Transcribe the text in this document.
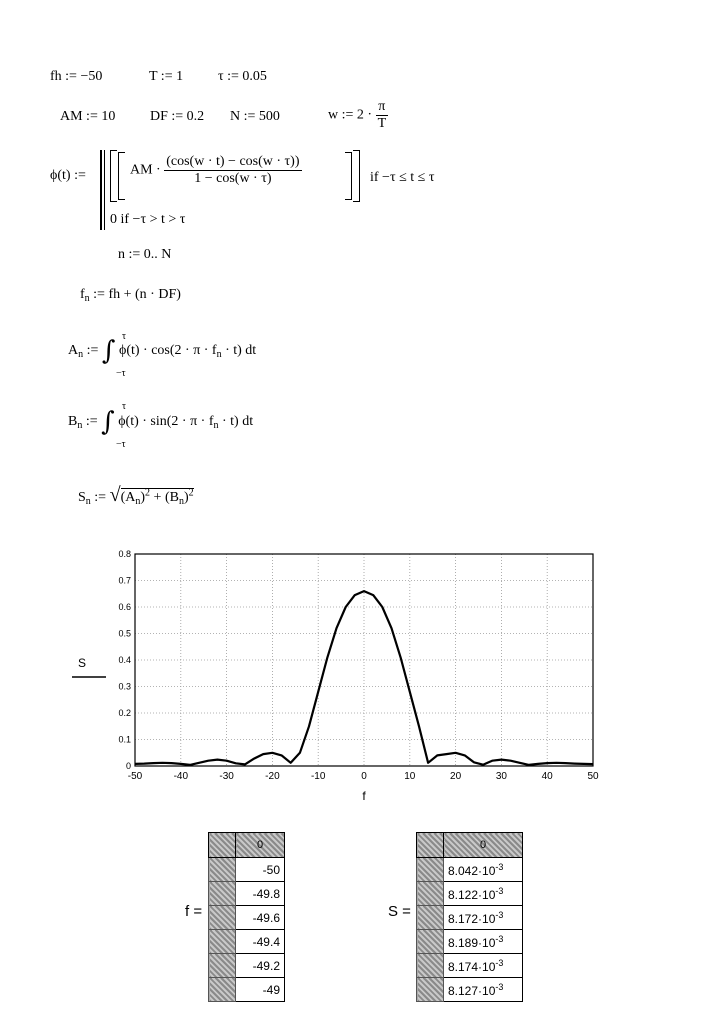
fh := −50	T := 1 τ := 0.05
AM := 10 DF := 0.2 N := 500	w := $2 \cdot \frac{\pi}{T}$
ϕ(t) :=	AM · $\frac{(\cos(w \cdot t) - \cos(w \cdot \tau))}{1 - \cos(w \cdot \tau)}$	if −τ ≤ t ≤ τ
0 if −τ > t > τ
n := 0.. N
$f_n$ := fh + (n · DF)
$A_n$ := ∫ $\phi(t) \cdot \cos(2 \cdot \pi \cdot f_n \cdot t)$ dt
τ
−τ
$B_n$ := ∫ $\phi(t) \cdot \sin(2 \cdot \pi \cdot f_n \cdot t)$ dt
τ
−τ
$S_n$ := $√(A_n)^2 + (B_n)^2$
0
0.1
0.2
0.3
0.4
0.5
0.6
0.7
0.8
-50	-40	-30	-20	-10	0	10	20	30	40	50
f
S
f =
	0
	-50
	-49.8
	-49.6
	-49.4
	-49.2
	-49
S =
	0
	$8.042\cdot 10^{-3}$
	$8.122\cdot 10^{-3}$
	$8.172\cdot 10^{-3}$
	$8.189\cdot 10^{-3}$
	$8.174\cdot 10^{-3}$
	$8.127\cdot 10^{-3}$
